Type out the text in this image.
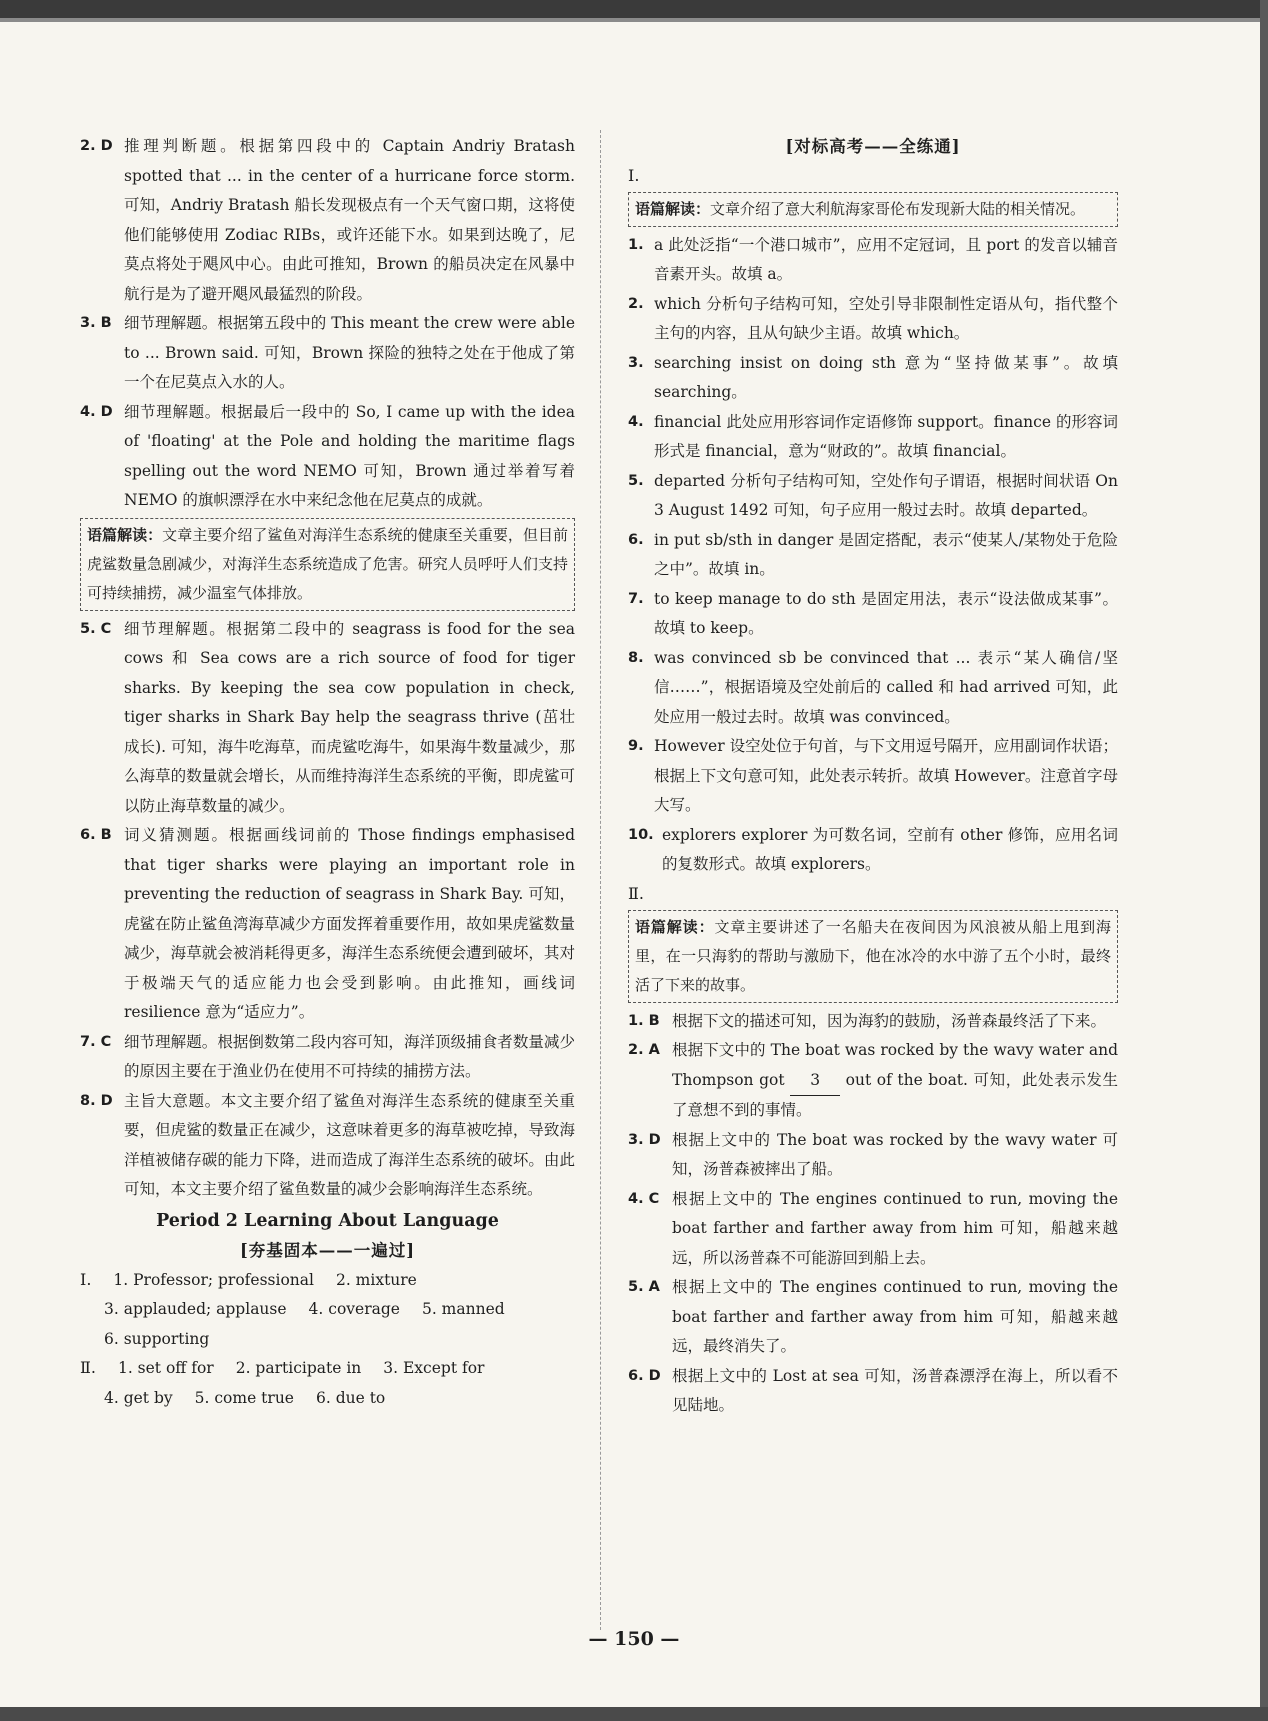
2. D 推理判断题。根据第四段中的 Captain Andriy Bratash spotted that ... in the center of a hurricane force storm. 可知，Andriy Bratash 船长发现极点有一个天气窗口期，这将使他们能够使用 Zodiac RIBs，或许还能下水。如果到达晚了，尼莫点将处于飓风中心。由此可推知，Brown 的船员决定在风暴中航行是为了避开飓风最猛烈的阶段。
3. B 细节理解题。根据第五段中的 This meant the crew were able to ... Brown said. 可知，Brown 探险的独特之处在于他成了第一个在尼莫点入水的人。
4. D 细节理解题。根据最后一段中的 So, I came up with the idea of 'floating' at the Pole and holding the maritime flags spelling out the word NEMO 可知，Brown 通过举着写着 NEMO 的旗帜漂浮在水中来纪念他在尼莫点的成就。
语篇解读：文章主要介绍了鲨鱼对海洋生态系统的健康至关重要，但目前虎鲨数量急剧减少，对海洋生态系统造成了危害。研究人员呼吁人们支持可持续捕捞，减少温室气体排放。
5. C 细节理解题。根据第二段中的 seagrass is food for the sea cows 和 Sea cows are a rich source of food for tiger sharks. By keeping the sea cow population in check, tiger sharks in Shark Bay help the seagrass thrive (茁壮成长). 可知，海牛吃海草，而虎鲨吃海牛，如果海牛数量减少，那么海草的数量就会增长，从而维持海洋生态系统的平衡，即虎鲨可以防止海草数量的减少。
6. B 词义猜测题。根据画线词前的 Those findings emphasised that tiger sharks were playing an important role in preventing the reduction of seagrass in Shark Bay. 可知，虎鲨在防止鲨鱼湾海草减少方面发挥着重要作用，故如果虎鲨数量减少，海草就会被消耗得更多，海洋生态系统便会遭到破坏，其对于极端天气的适应能力也会受到影响。由此推知，画线词 resilience 意为“适应力”。
7. C 细节理解题。根据倒数第二段内容可知，海洋顶级捕食者数量减少的原因主要在于渔业仍在使用不可持续的捕捞方法。
8. D 主旨大意题。本文主要介绍了鲨鱼对海洋生态系统的健康至关重要，但虎鲨的数量正在减少，这意味着更多的海草被吃掉，导致海洋植被储存碳的能力下降，进而造成了海洋生态系统的破坏。由此可知，本文主要介绍了鲨鱼数量的减少会影响海洋生态系统。
Period 2 Learning About Language
[夯基固本——一遍过]
Ⅰ. 1. Professor; professional 2. mixture
3. applauded; applause 4. coverage 5. manned
6. supporting
Ⅱ. 1. set off for 2. participate in 3. Except for
4. get by 5. come true 6. due to
[对标高考——全练通]
Ⅰ.
语篇解读：文章介绍了意大利航海家哥伦布发现新大陆的相关情况。
1. a 此处泛指“一个港口城市”，应用不定冠词，且 port 的发音以辅音音素开头。故填 a。
2. which 分析句子结构可知，空处引导非限制性定语从句，指代整个主句的内容，且从句缺少主语。故填 which。
3. searching insist on doing sth 意为“坚持做某事”。故填 searching。
4. financial 此处应用形容词作定语修饰 support。finance 的形容词形式是 financial，意为“财政的”。故填 financial。
5. departed 分析句子结构可知，空处作句子谓语，根据时间状语 On 3 August 1492 可知，句子应用一般过去时。故填 departed。
6. in put sb/sth in danger 是固定搭配，表示“使某人/某物处于危险之中”。故填 in。
7. to keep manage to do sth 是固定用法，表示“设法做成某事”。故填 to keep。
8. was convinced sb be convinced that ... 表示“某人确信/坚信……”，根据语境及空处前后的 called 和 had arrived 可知，此处应用一般过去时。故填 was convinced。
9. However 设空处位于句首，与下文用逗号隔开，应用副词作状语；根据上下文句意可知，此处表示转折。故填 However。注意首字母大写。
10. explorers explorer 为可数名词，空前有 other 修饰，应用名词的复数形式。故填 explorers。
Ⅱ.
语篇解读：文章主要讲述了一名船夫在夜间因为风浪被从船上甩到海里，在一只海豹的帮助与激励下，他在冰冷的水中游了五个小时，最终活了下来的故事。
1. B 根据下文的描述可知，因为海豹的鼓励，汤普森最终活了下来。
2. A 根据下文中的 The boat was rocked by the wavy water and Thompson got 3 out of the boat. 可知，此处表示发生了意想不到的事情。
3. D 根据上文中的 The boat was rocked by the wavy water 可知，汤普森被摔出了船。
4. C 根据上文中的 The engines continued to run, moving the boat farther and farther away from him 可知，船越来越远，所以汤普森不可能游回到船上去。
5. A 根据上文中的 The engines continued to run, moving the boat farther and farther away from him 可知，船越来越远，最终消失了。
6. D 根据上文中的 Lost at sea 可知，汤普森漂浮在海上，所以看不见陆地。
— 150 —
